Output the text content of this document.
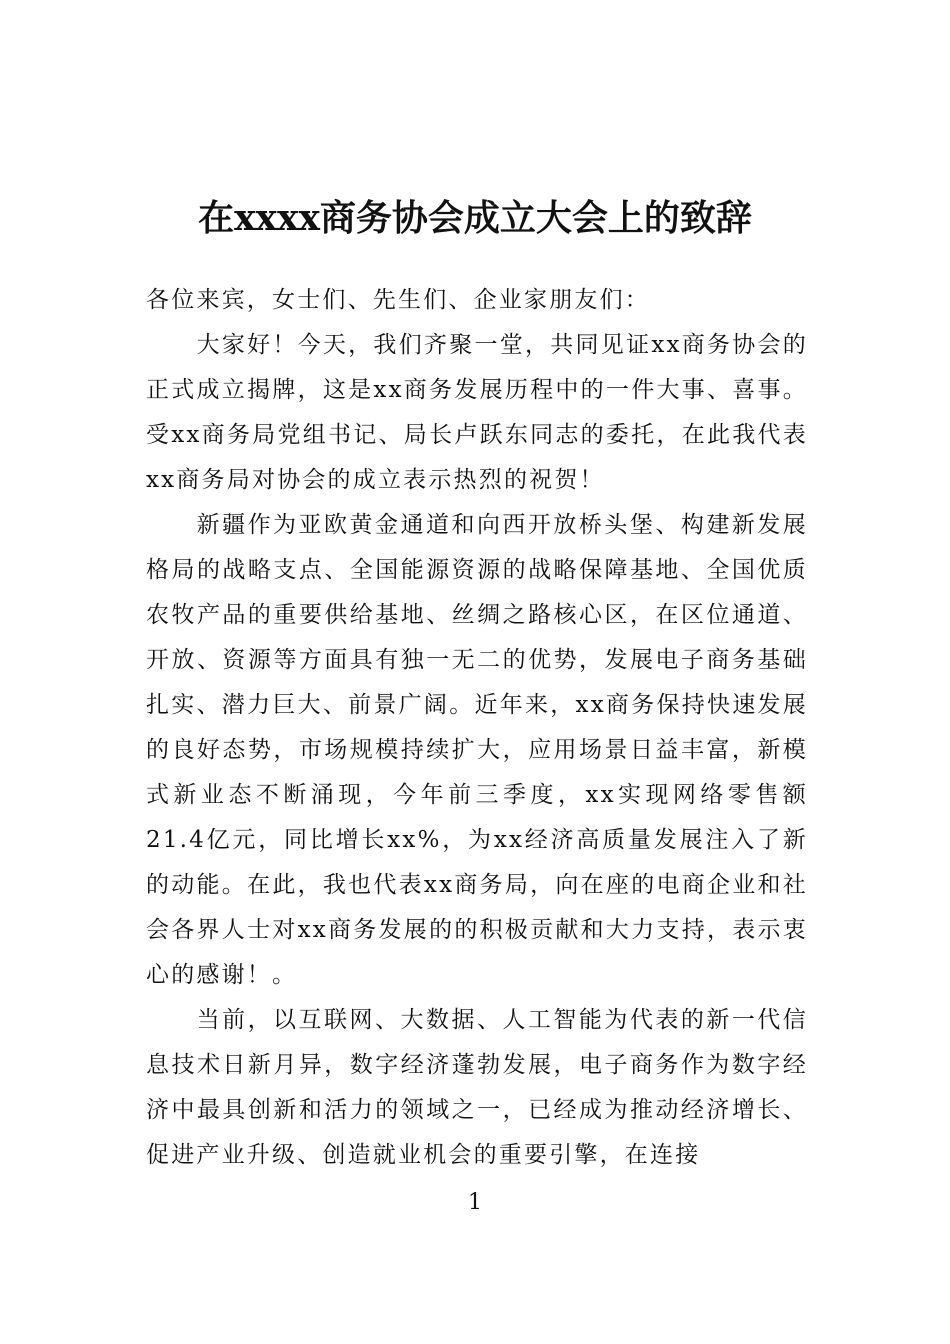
在xxxx商务协会成立大会上的致辞

各位来宾，女士们、先生们、企业家朋友们：

大家好！今天，我们齐聚一堂，共同见证xx商务协会的正式成立揭牌，这是xx商务发展历程中的一件大事、喜事。受xx商务局党组书记、局长卢跃东同志的委托，在此我代表xx商务局对协会的成立表示热烈的祝贺！

新疆作为亚欧黄金通道和向西开放桥头堡、构建新发展格局的战略支点、全国能源资源的战略保障基地、全国优质农牧产品的重要供给基地、丝绸之路核心区，在区位通道、开放、资源等方面具有独一无二的优势，发展电子商务基础扎实、潜力巨大、前景广阔。近年来，xx商务保持快速发展的良好态势，市场规模持续扩大，应用场景日益丰富，新模式新业态不断涌现，今年前三季度，xx实现网络零售额21.4亿元，同比增长xx%，为xx经济高质量发展注入了新的动能。在此，我也代表xx商务局，向在座的电商企业和社会各界人士对xx商务发展的的积极贡献和大力支持，表示衷心的感谢！。

当前，以互联网、大数据、人工智能为代表的新一代信息技术日新月异，数字经济蓬勃发展，电子商务作为数字经济中最具创新和活力的领域之一，已经成为推动经济增长、促进产业升级、创造就业机会的重要引擎，在连接

1
